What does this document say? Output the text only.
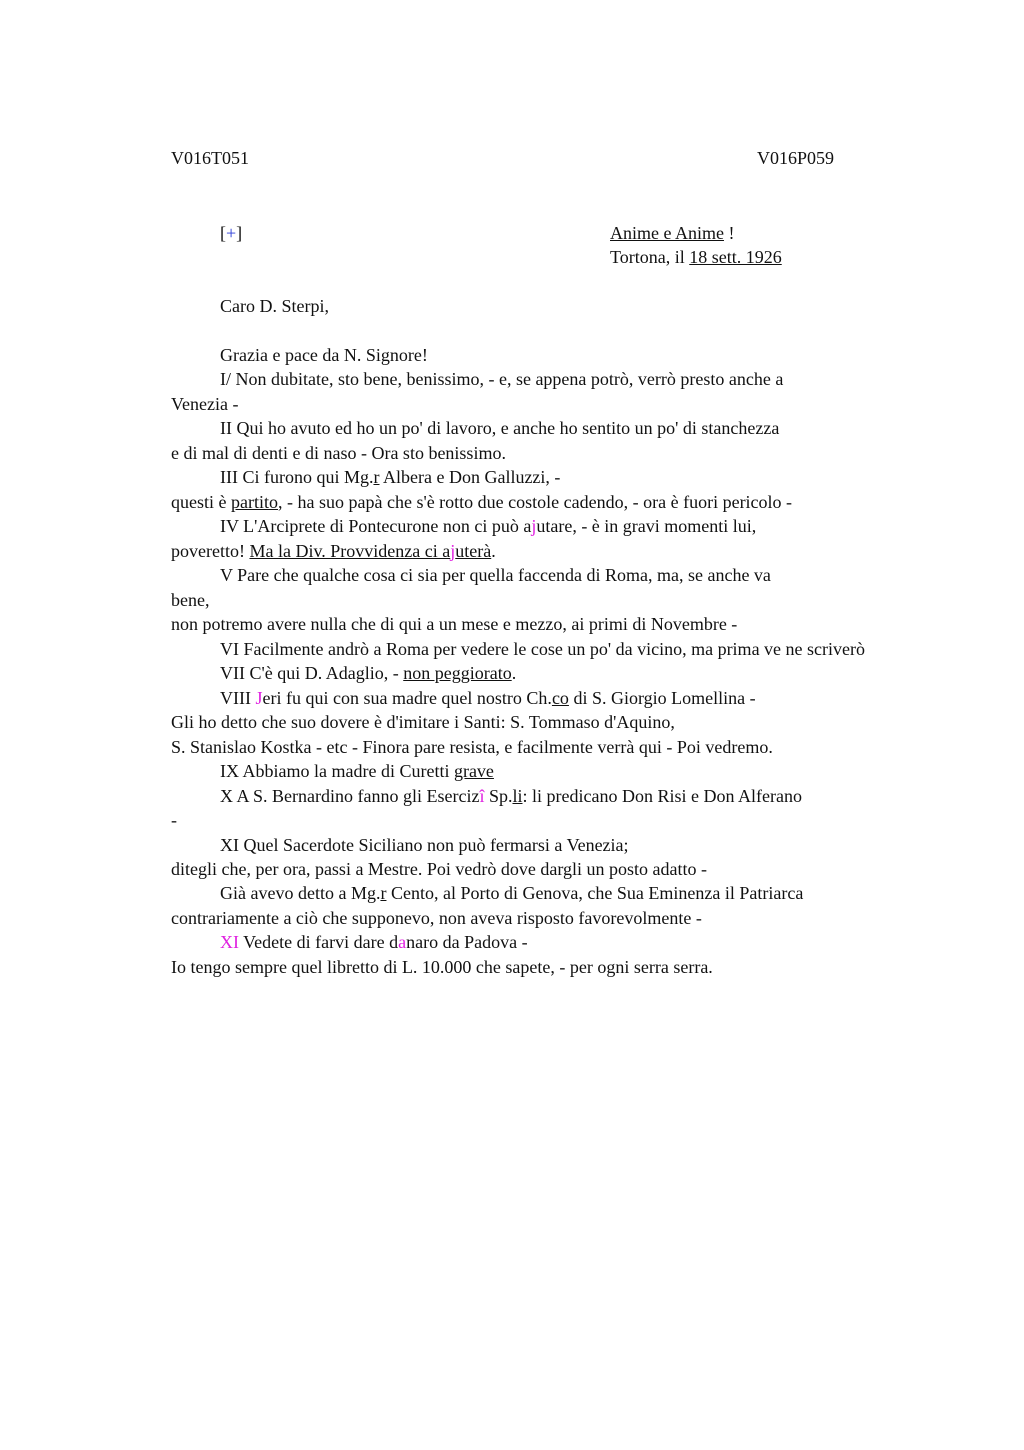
V016T051	V016P059
[+]	Anime e Anime !
Tortona, il 18 sett. 1926
Caro D. Sterpi,
Grazia e pace da N. Signore!
I/ Non dubitate, sto bene, benissimo, - e, se appena potrò, verrò presto anche a
Venezia -
II Qui ho avuto ed ho un po' di lavoro, e anche ho sentito un po' di stanchezza
e di mal di denti e di naso - Ora sto benissimo.
III Ci furono qui Mg.r Albera e Don Galluzzi, -
questi è partito, - ha suo papà che s'è rotto due costole cadendo, - ora è fuori pericolo -
IV L'Arciprete di Pontecurone non ci può ajutare, - è in gravi momenti lui,
poveretto! Ma la Div. Provvidenza ci ajuterà.
V Pare che qualche cosa ci sia per quella faccenda di Roma, ma, se anche va
bene,
non potremo avere nulla che di qui a un mese e mezzo, ai primi di Novembre -
VI Facilmente andrò a Roma per vedere le cose un po' da vicino, ma prima ve ne scriverò
VII C'è qui D. Adaglio, - non peggiorato.
VIII Jeri fu qui con sua madre quel nostro Ch.co di S. Giorgio Lomellina -
Gli ho detto che suo dovere è d'imitare i Santi: S. Tommaso d'Aquino,
S. Stanislao Kostka - etc - Finora pare resista, e facilmente verrà qui - Poi vedremo.
IX Abbiamo la madre di Curetti grave
X A S. Bernardino fanno gli Esercizî Sp.li: li predicano Don Risi e Don Alferano
-
XI Quel Sacerdote Siciliano non può fermarsi a Venezia;
ditegli che, per ora, passi a Mestre. Poi vedrò dove dargli un posto adatto -
Già avevo detto a Mg.r Cento, al Porto di Genova, che Sua Eminenza il Patriarca
contrariamente a ciò che supponevo, non aveva risposto favorevolmente -
XI Vedete di farvi dare danaro da Padova -
Io tengo sempre quel libretto di L. 10.000 che sapete, - per ogni serra serra.
